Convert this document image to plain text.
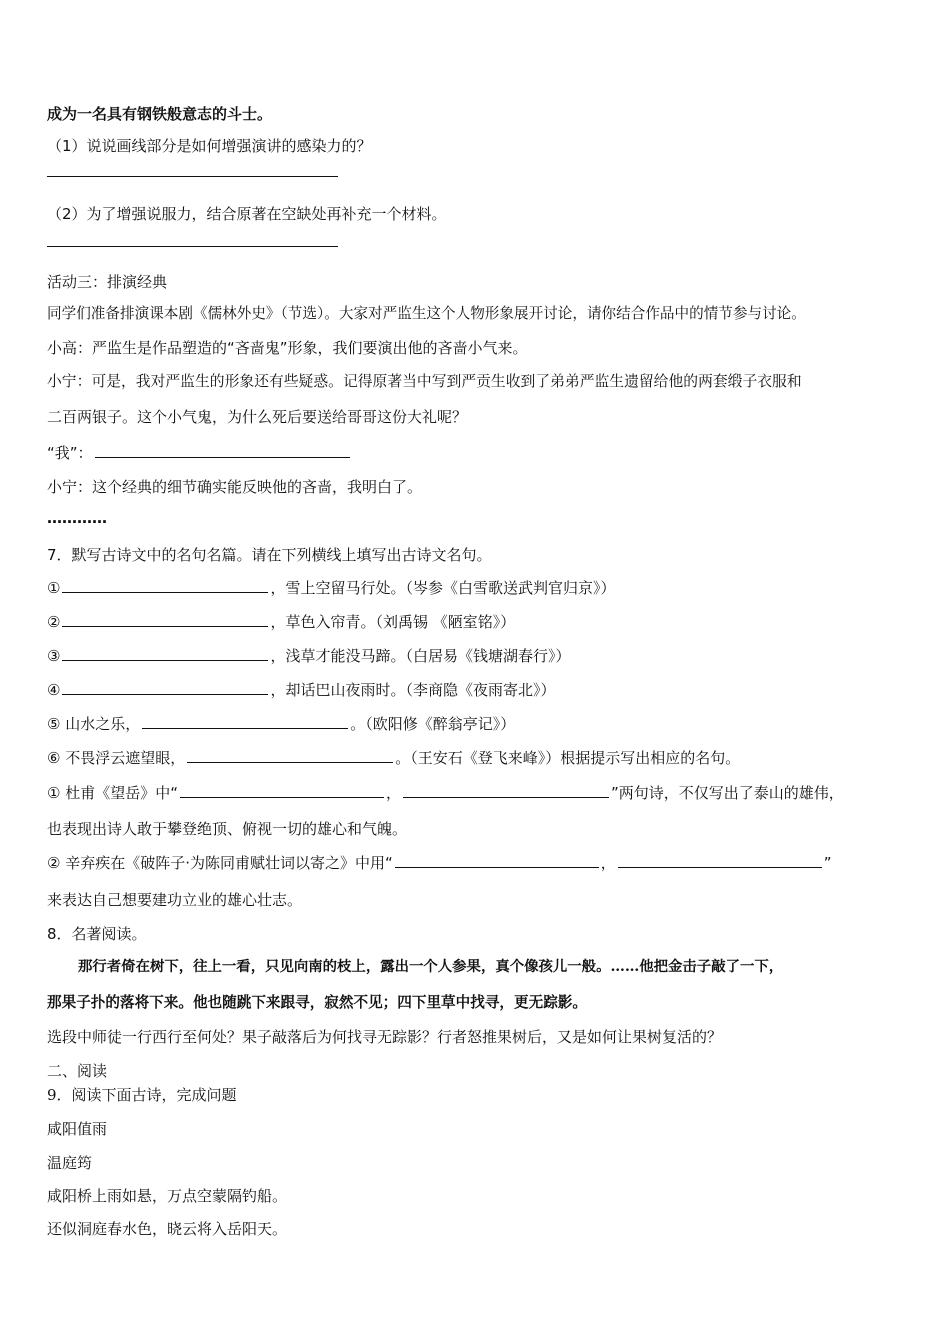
成为一名具有钢铁般意志的斗士。
（1）说说画线部分是如何增强演讲的感染力的？
（2）为了增强说服力，结合原著在空缺处再补充一个材料。
活动三：排演经典
同学们准备排演课本剧《儒林外史》（节选）。大家对严监生这个人物形象展开讨论，请你结合作品中的情节参与讨论。
小高：严监生是作品塑造的“吝啬鬼”形象，我们要演出他的吝啬小气来。
小宁：可是，我对严监生的形象还有些疑惑。记得原著当中写到严贡生收到了弟弟严监生遗留给他的两套缎子衣服和
二百两银子。这个小气鬼，为什么死后要送给哥哥这份大礼呢？
“我”：
小宁：这个经典的细节确实能反映他的吝啬，我明白了。
…………
7．默写古诗文中的名句名篇。请在下列横线上填写出古诗文名句。
①	，雪上空留马行处。（岑参《白雪歌送武判官归京》）
②	，草色入帘青。（刘禹锡 《陋室铭》）
③	，浅草才能没马蹄。（白居易《钱塘湖春行》）
④	，却话巴山夜雨时。（李商隐《夜雨寄北》）
⑤ 山水之乐，	。（欧阳修《醉翁亭记》）
⑥ 不畏浮云遮望眼，	。（王安石《登飞来峰》）根据提示写出相应的名句。
① 杜甫《望岳》中“	，	”两句诗，不仅写出了泰山的雄伟，
也表现出诗人敢于攀登绝顶、俯视一切的雄心和气魄。
② 辛弃疾在《破阵子·为陈同甫赋壮词以寄之》中用“	，	”
来表达自己想要建功立业的雄心壮志。
8．名著阅读。
那行者倚在树下，往上一看，只见向南的枝上，露出一个人参果，真个像孩儿一般。……他把金击子敲了一下，
那果子扑的落将下来。他也随跳下来跟寻，寂然不见；四下里草中找寻，更无踪影。
选段中师徒一行西行至何处？果子敲落后为何找寻无踪影？行者怒推果树后，又是如何让果树复活的？
二、阅读
9．阅读下面古诗，完成问题
咸阳值雨
温庭筠
咸阳桥上雨如悬，万点空蒙隔钓船。
还似洞庭春水色，晓云将入岳阳天。
